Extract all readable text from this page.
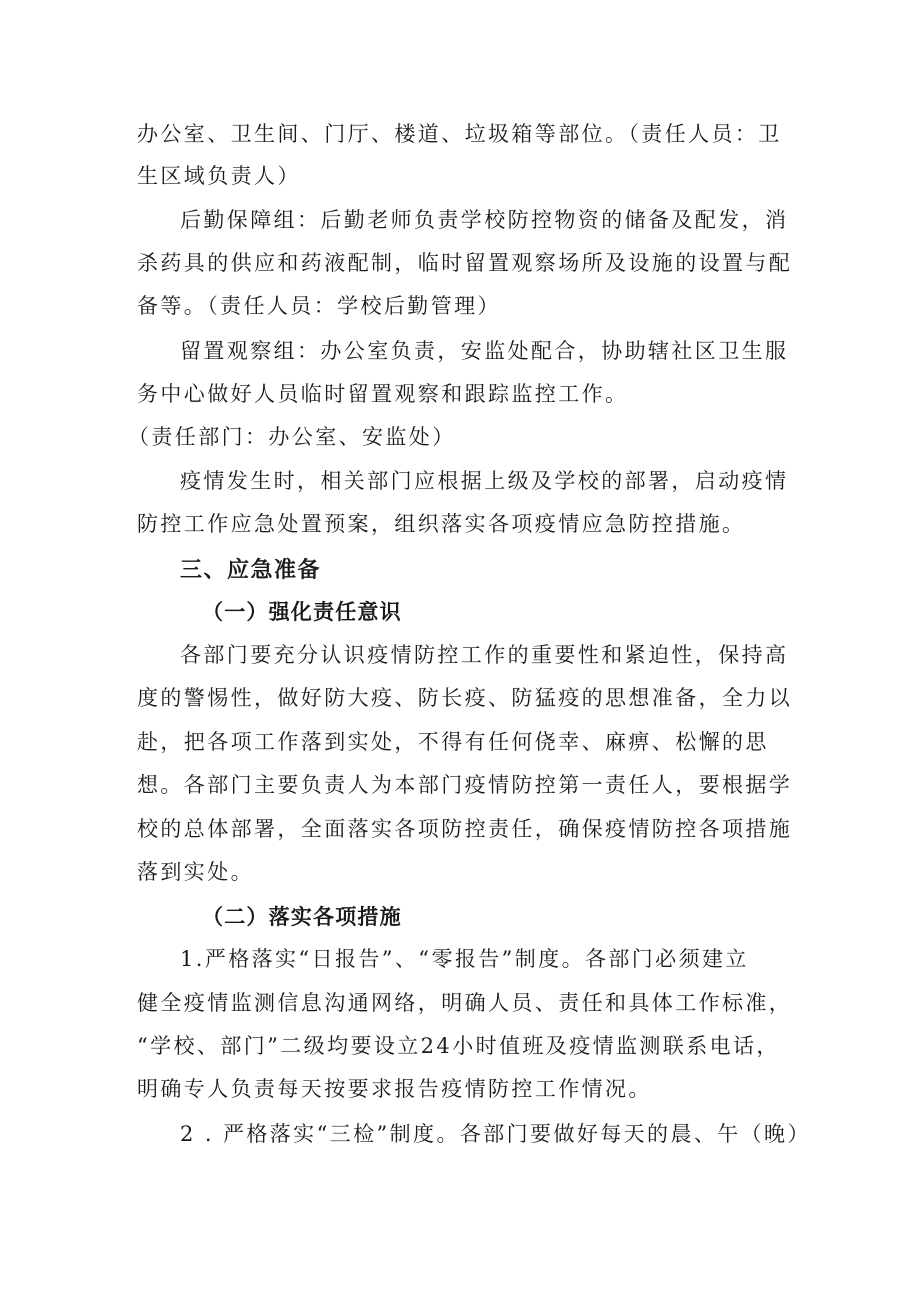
办公室、卫生间、门厅、楼道、垃圾箱等部位。（责任人员：卫
生区域负责人）
后勤保障组：后勤老师负责学校防控物资的储备及配发，消
杀药具的供应和药液配制，临时留置观察场所及设施的设置与配
备等。（责任人员：学校后勤管理）
留置观察组：办公室负责，安监处配合，协助辖社区卫生服
务中心做好人员临时留置观察和跟踪监控工作。
（责任部门：办公室、安监处）
疫情发生时，相关部门应根据上级及学校的部署，启动疫情
防控工作应急处置预案，组织落实各项疫情应急防控措施。
三、应急准备
（一）强化责任意识
各部门要充分认识疫情防控工作的重要性和紧迫性，保持高
度的警惕性，做好防大疫、防长疫、防猛疫的思想准备，全力以
赴，把各项工作落到实处，不得有任何侥幸、麻痹、松懈的思
想。各部门主要负责人为本部门疫情防控第一责任人，要根据学
校的总体部署，全面落实各项防控责任，确保疫情防控各项措施
落到实处。
（二）落实各项措施
1.严格落实“日报告”、“零报告”制度。各部门必须建立
健全疫情监测信息沟通网络，明确人员、责任和具体工作标准，
“学校、部门”二级均要设立24小时值班及疫情监测联系电话，
明确专人负责每天按要求报告疫情防控工作情况。
2 . 严格落实“三检”制度。各部门要做好每天的晨、午（晚）
